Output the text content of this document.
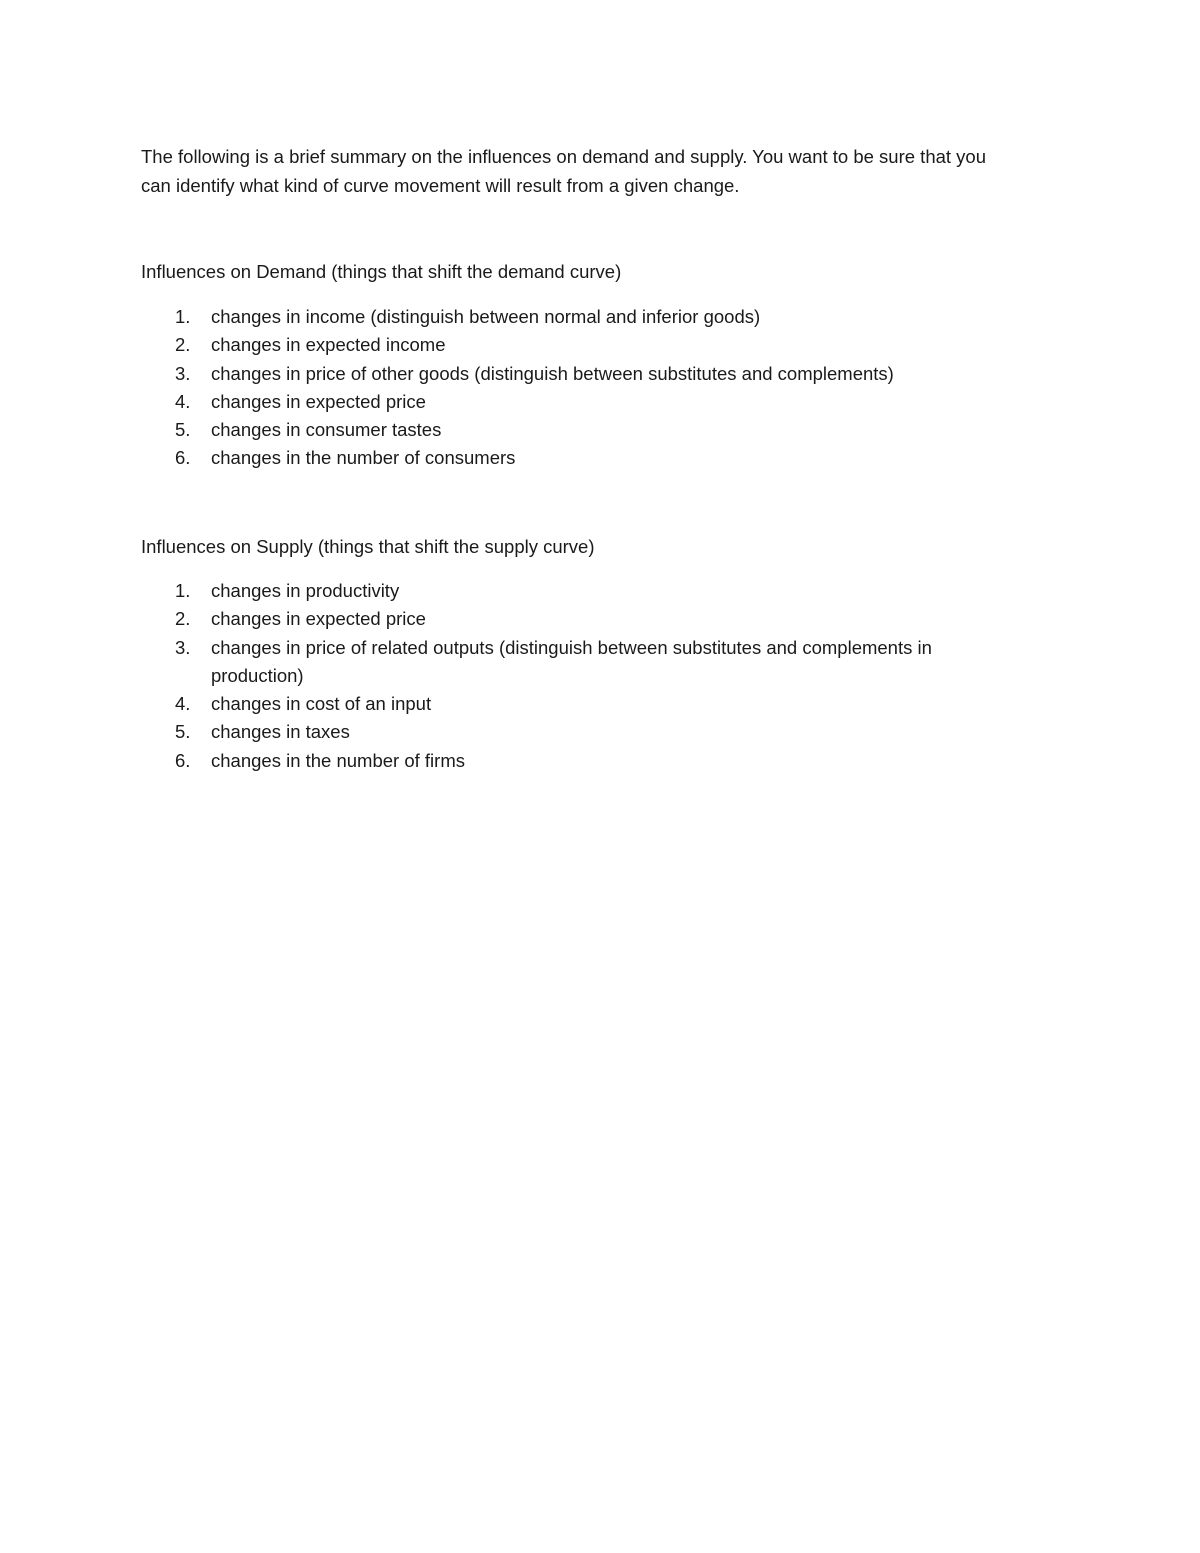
The following is a brief summary on the influences on demand and supply. You want to be sure that you
can identify what kind of curve movement will result from a given change.

Influences on Demand (things that shift the demand curve)
1. changes in income (distinguish between normal and inferior goods)
2. changes in expected income
3. changes in price of other goods (distinguish between substitutes and complements)
4. changes in expected price
5. changes in consumer tastes
6. changes in the number of consumers
Influences on Supply (things that shift the supply curve)
1. changes in productivity
2. changes in expected price
3. changes in price of related outputs (distinguish between substitutes and complements in production)
4. changes in cost of an input
5. changes in taxes
6. changes in the number of firms
